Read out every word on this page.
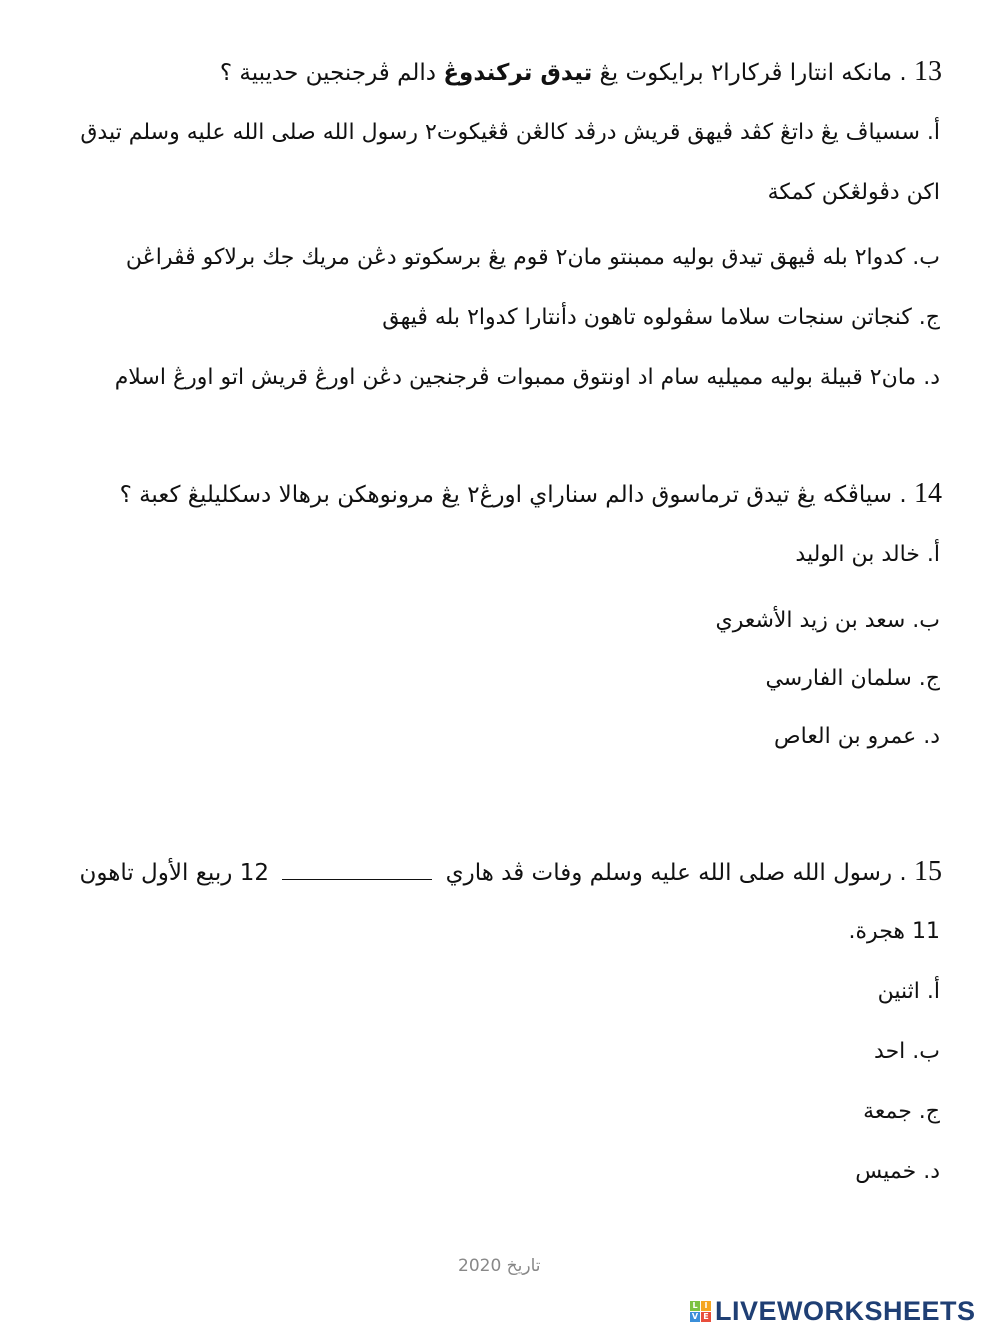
13 . مانكه انتارا ڤركارا٢ برايكوت يڠ تيدق تركندوڠ دالم ڤرجنجين حديبية ؟
أ. سسياڤ يڠ داتڠ كڤد ڤيهق قريش درڤد كالڠن ڤڠيكوت٢ رسول الله صلى الله عليه وسلم تيدق
اكن دڤولڠكن كمكة
ب. كدوا٢ بله ڤيهق تيدق بوليه ممبنتو مان٢ قوم يڠ برسكوتو دڠن مريك جك برلاكو ڤڤراڠن
ج. كنجاتن سنجات سلاما سڤولوه تاهون دأنتارا كدوا٢ بله ڤيهق
د. مان٢ قبيلة بوليه مميليه سام اد اونتوق ممبوات ڤرجنجين دڠن اورڠ قريش اتو اورڠ اسلام
14 . سياڤكه يڠ تيدق ترماسوق دالم سناراي اورڠ٢ يڠ مرونوهكن برهالا دسكليليڠ كعبة ؟
أ. خالد بن الوليد
ب. سعد بن زيد الأشعري
ج. سلمان الفارسي
د. عمرو بن العاص
15 . رسول الله صلى الله عليه وسلم وفات ڤد هاري  12 ربيع الأول تاهون
11 هجرة.
أ. اثنين
ب. احد
ج. جمعة
د. خميس
تاريخ 2020
L I
V E LIVEWORKSHEETS
